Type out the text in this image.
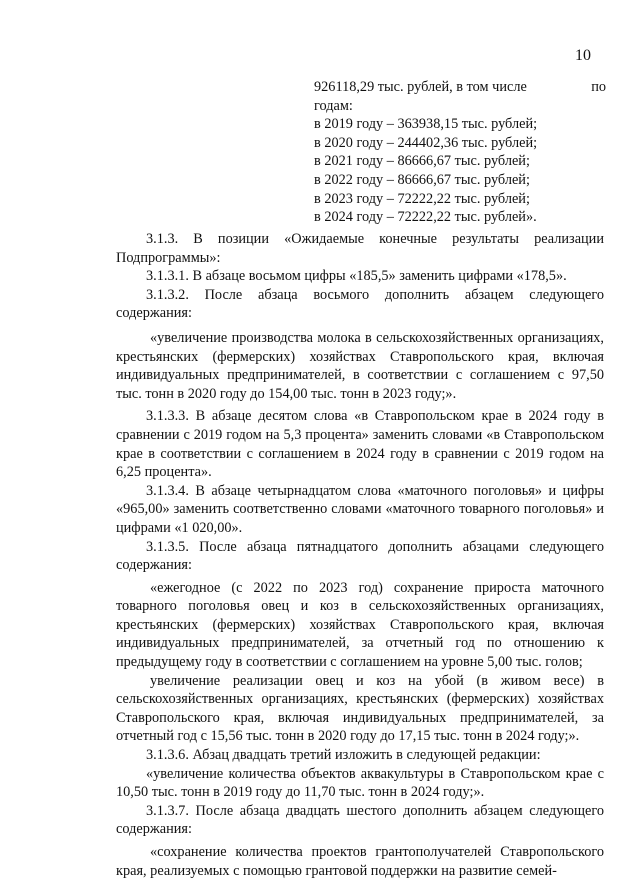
10
926118,29 тыс. рублей, в том числе	по
годам:
в 2019 году – 363938,15 тыс. рублей;
в 2020 году – 244402,36 тыс. рублей;
в 2021 году – 86666,67 тыс. рублей;
в 2022 году – 86666,67 тыс. рублей;
в 2023 году – 72222,22 тыс. рублей;
в 2024 году – 72222,22 тыс. рублей».

3.1.3. В позиции «Ожидаемые конечные результаты реализации Подпрограммы»:

3.1.3.1. В абзаце восьмом цифры «185,5» заменить цифрами «178,5».

3.1.3.2. После абзаца восьмого дополнить абзацем следующего содержания:

«увеличение производства молока в сельскохозяйственных организациях, крестьянских (фермерских) хозяйствах Ставропольского края, включая индивидуальных предпринимателей, в соответствии с соглашением с 97,50 тыс. тонн в 2020 году до 154,00 тыс. тонн в 2023 году;».

3.1.3.3. В абзаце десятом слова «в Ставропольском крае в 2024 году в сравнении с 2019 годом на 5,3 процента» заменить словами «в Ставропольском крае в соответствии с соглашением в 2024 году в сравнении с 2019 годом на 6,25 процента».

3.1.3.4. В абзаце четырнадцатом слова «маточного поголовья» и цифры «965,00» заменить соответственно словами «маточного товарного поголовья» и цифрами «1 020,00».

3.1.3.5. После абзаца пятнадцатого дополнить абзацами следующего содержания:

«ежегодное (с 2022 по 2023 год) сохранение прироста маточного товарного поголовья овец и коз в сельскохозяйственных организациях, крестьянских (фермерских) хозяйствах Ставропольского края, включая индивидуальных предпринимателей, за отчетный год по отношению к предыдущему году в соответствии с соглашением на уровне 5,00 тыс. голов;

увеличение реализации овец и коз на убой (в живом весе) в сельскохозяйственных организациях, крестьянских (фермерских) хозяйствах Ставропольского края, включая индивидуальных предпринимателей, за отчетный год с 15,56 тыс. тонн в 2020 году до 17,15 тыс. тонн в 2024 году;».

3.1.3.6. Абзац двадцать третий изложить в следующей редакции:

«увеличение количества объектов аквакультуры в Ставропольском крае с 10,50 тыс. тонн в 2019 году до 11,70 тыс. тонн в 2024 году;».

3.1.3.7. После абзаца двадцать шестого дополнить абзацем следующего содержания:

«сохранение количества проектов грантополучателей Ставропольского края, реализуемых с помощью грантовой поддержки на развитие семей-
